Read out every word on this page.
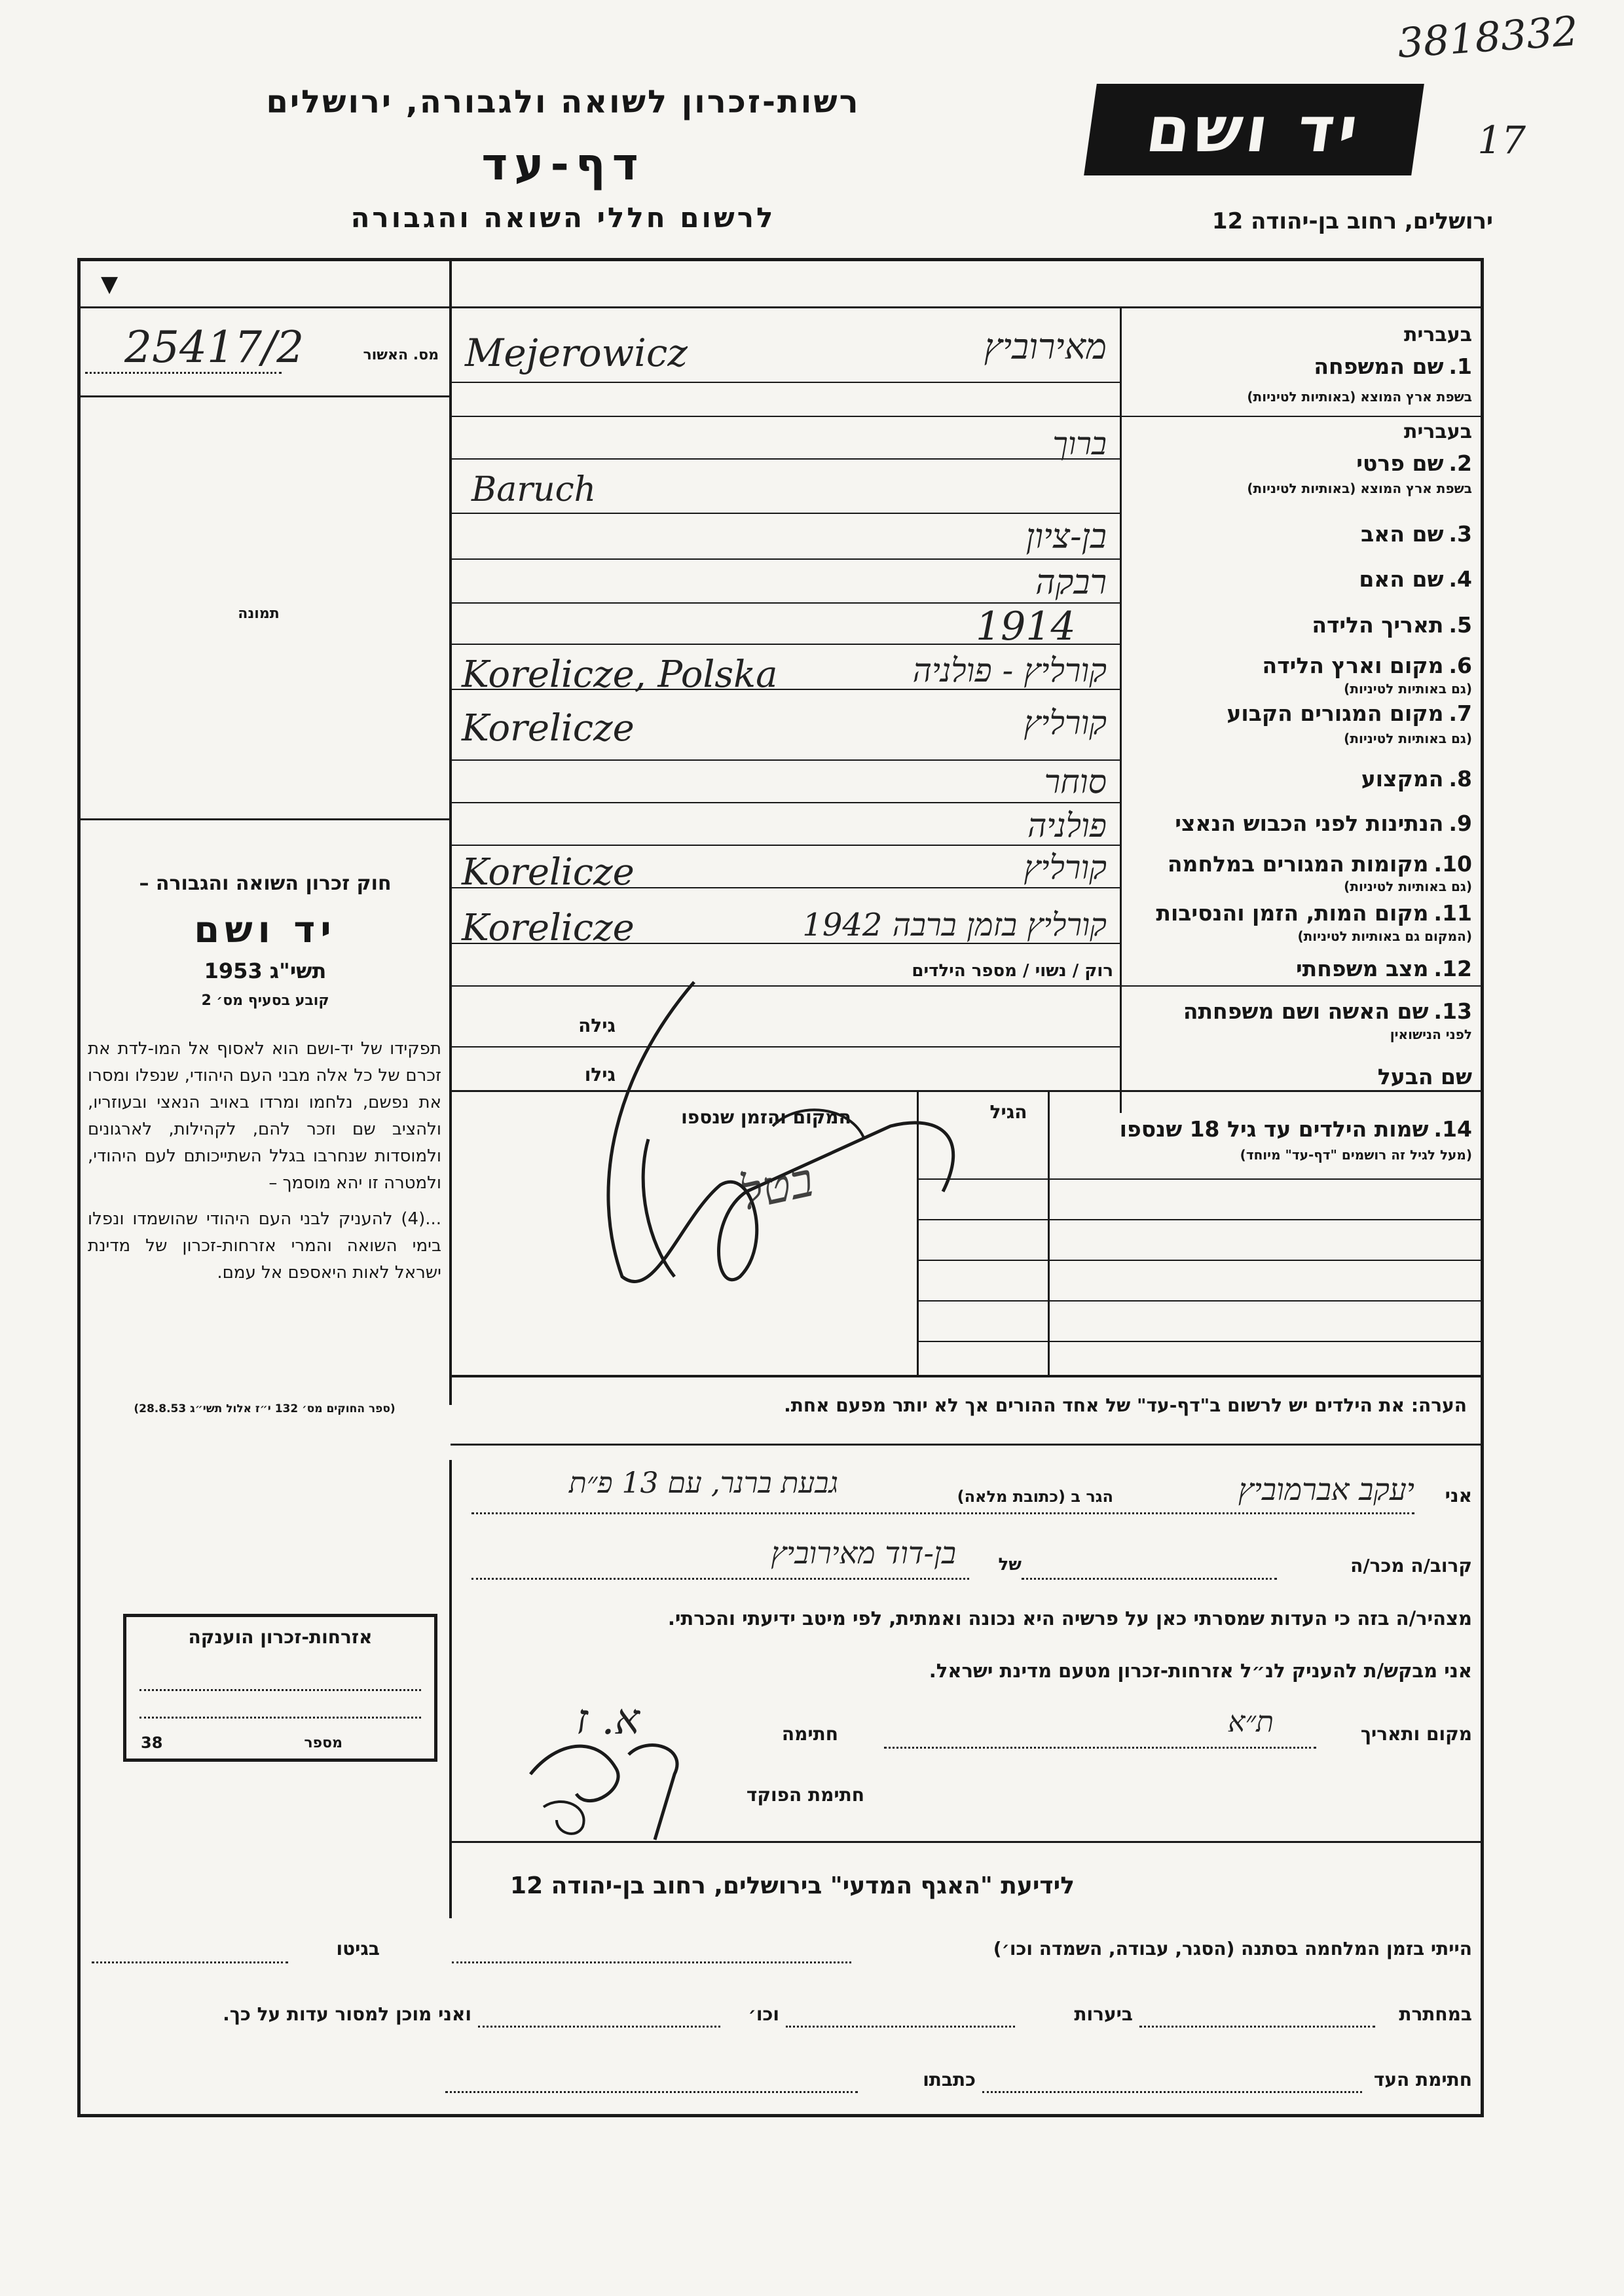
3818332
17
יד ושם
רשות-זכרון לשואה ולגבורה, ירושלים
דף-עד
לרשום חללי השואה והגבורה	ירושלים, רחוב בן-יהודה 12
▼
מס. האשור
25417/2
תמונה
חוק זכרון השואה והגבורה –
יד ושם
תשי"ג 1953
קובע בסעיף מס׳ 2

תפקידו של יד-ושם הוא לאסוף אל המו-לדת את זכרם של כל אלה מבני העם היהודי, שנפלו ומסרו את נפשם, נלחמו ומרדו באויב הנאצי ובעוזריו, ולהציב שם וזכר להם, לקהילות, לארגונים ולמוסדות שנחרבו בגלל השתייכותם לעם היהודי, ולמטרה זו יהא מוסמך –

...(4) להעניק לבני העם היהודי שהושמדו ונפלו בימי השואה והמרי אזרחות-זכרון של מדינת ישראל לאות היאספם אל עמם.

(ספר החוקים מס׳ 132 י״ז אלול תשי״ג 28.8.53)
אזרחות-זכרון הוענקה
מספר
38
בעברית
1.שם המשפחה
בשפת ארץ המוצא (באותיות לטיניות)
Mejerowicz	מאירוביץ
בעברית
2.שם פרטי
בשפת ארץ המוצא (באותיות לטיניות)
ברוך
Baruch
3.שם האב
בן-ציון
4.שם האם
רבקה
5.תאריך הלידה
1914
6.מקום וארץ הלידה
(גם באותיות לטיניות)
Korelicze, Polska	קורליץ - פולניה
7.מקום המגורים הקבוע
(גם באותיות לטיניות)
Korelicze	קורליץ
8.המקצוע
סוחר
9.הנתינות לפני הכבוש הנאצי
פולניה
10.מקומות המגורים במלחמה
(גם באותיות לטיניות)
Korelicze	קורליץ
11.מקום המות, הזמן והנסיבות
(המקום גם באותיות לטיניות)
Korelicze	קורליץ בזמן ברבה 1942
12.מצב משפחתי
רוק / נשוי / מספר הילדים
13.שם האשה ושם משפחתה
לפני הנישואין
גילה
שם הבעל
גילו
14.שמות הילדים עד גיל 18 שנספו
(מעל לגיל זה רושמים "דף-עד" מיוחד)
הגיל
המקום והזמן שנספו
בטל
הערה: את הילדים יש לרשום ב"דף-עד" של אחד ההורים אך לא יותר מפעם אחת.
אני
יעקב אברמוביץ
הגר ב (כתובת מלאה)
גבעת ברנר, עם 13 פ״ת
קרוב/ה מכר/ה
של
בן-דוד מאירוביץ
מצהיר/ה בזה כי העדות שמסרתי כאן על פרשיה היא נכונה ואמתית, לפי מיטב ידיעתי והכרתי.
אני מבקש/ת להעניק לנ״ל אזרחות-זכרון מטעם מדינת ישראל.
מקום ותאריך
ת״א
חתימה
א. ז
חתימת הפוקד
לידיעת "האגף המדעי" בירושלים, רחוב בן-יהודה 12
הייתי בזמן המלחמה בסתנה (הסגר, עבודה, השמדה וכו׳)
בגיטו
במחתרת
ביערות
וכו׳
ואני מוכן למסור עדות על כך.
חתימת העד
כתבתו
